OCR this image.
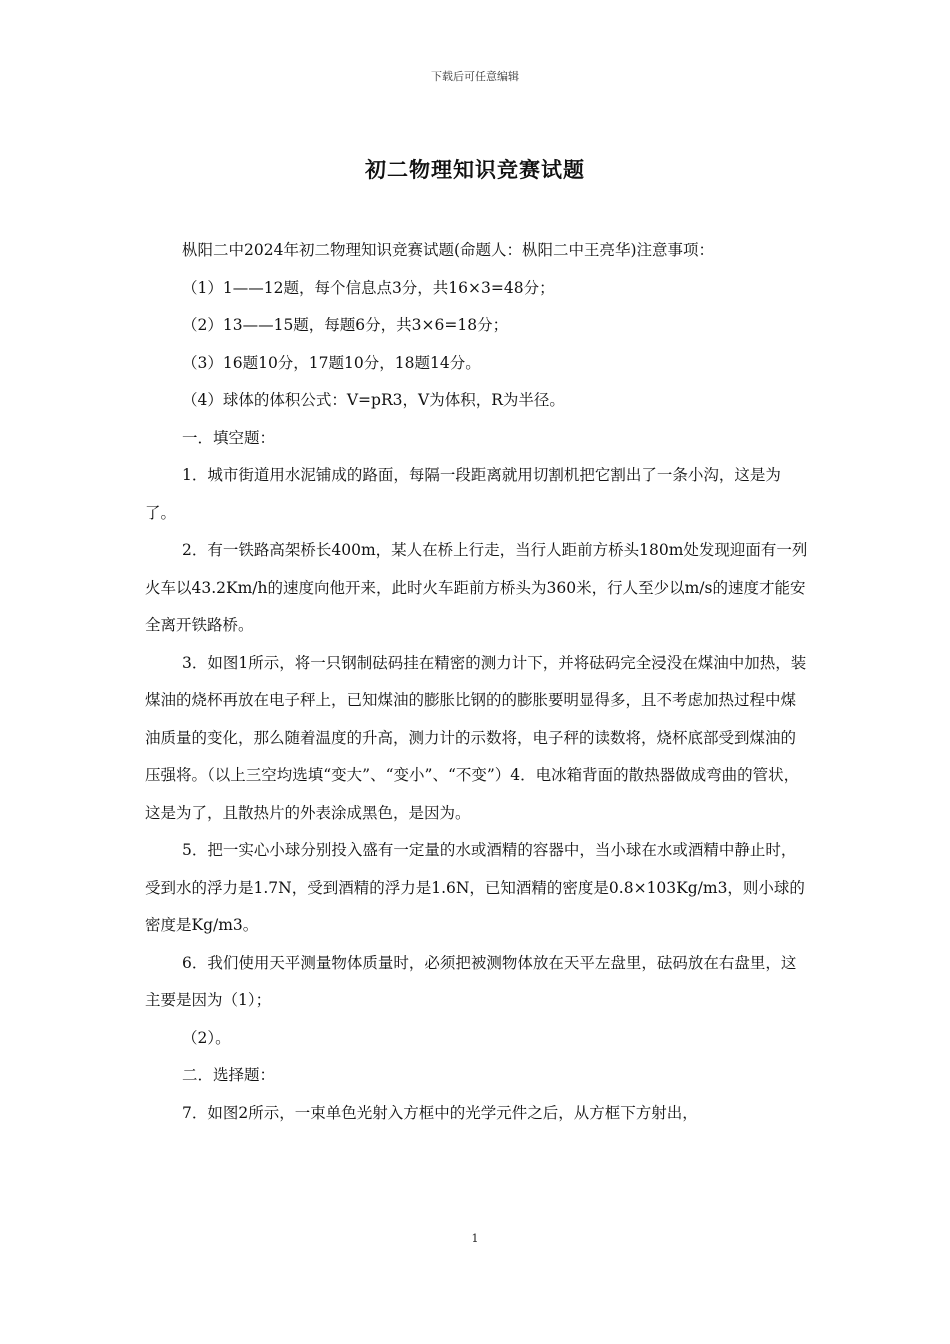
下载后可任意编辑
初二物理知识竞赛试题

枞阳二中2024年初二物理知识竞赛试题(命题人：枞阳二中王亮华)注意事项：

（1）1——12题，每个信息点3分，共16×3=48分；

（2）13——15题，每题6分，共3×6=18分；

（3）16题10分，17题10分，18题14分。

（4）球体的体积公式：V=pR3，V为体积，R为半径。

一．填空题：

1．城市街道用水泥铺成的路面，每隔一段距离就用切割机把它割出了一条小沟，这是为了。

2．有一铁路高架桥长400m，某人在桥上行走，当行人距前方桥头180m处发现迎面有一列火车以43.2Km/h的速度向他开来，此时火车距前方桥头为360米，行人至少以m/s的速度才能安全离开铁路桥。

3．如图1所示，将一只钢制砝码挂在精密的测力计下，并将砝码完全浸没在煤油中加热，装煤油的烧杯再放在电子秤上，已知煤油的膨胀比钢的的膨胀要明显得多，且不考虑加热过程中煤油质量的变化，那么随着温度的升高，测力计的示数将，电子秤的读数将，烧杯底部受到煤油的压强将。（以上三空均选填“变大”、“变小”、“不变”）4．电冰箱背面的散热器做成弯曲的管状，这是为了，且散热片的外表涂成黑色，是因为。

5．把一实心小球分别投入盛有一定量的水或酒精的容器中，当小球在水或酒精中静止时，受到水的浮力是1.7N，受到酒精的浮力是1.6N，已知酒精的密度是0.8×103Kg/m3，则小球的密度是Kg/m3。

6．我们使用天平测量物体质量时，必须把被测物体放在天平左盘里，砝码放在右盘里，这主要是因为（1）；

（2）。

二．选择题：

7．如图2所示，一束单色光射入方框中的光学元件之后，从方框下方射出，

1
